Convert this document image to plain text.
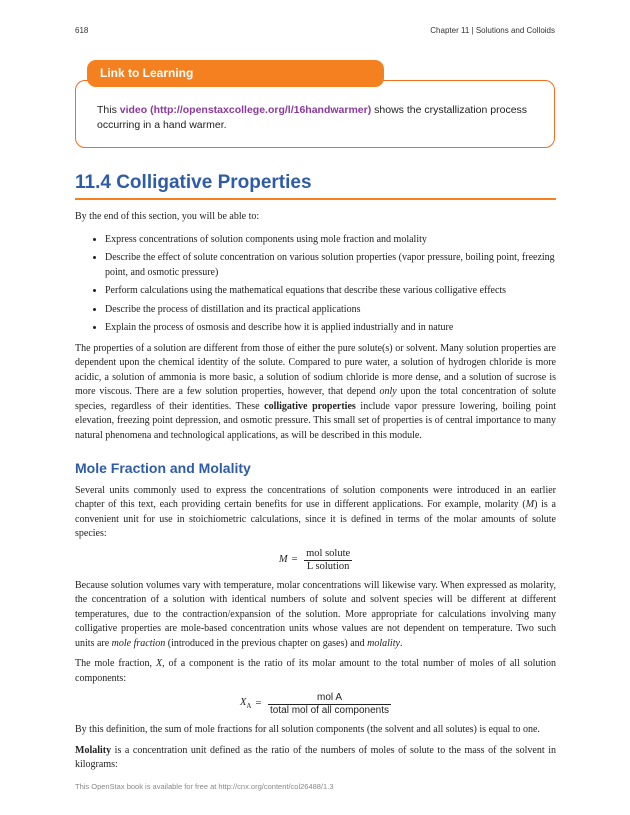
618	Chapter 11 | Solutions and Colloids
Link to Learning
This video (http://openstaxcollege.org/l/16handwarmer) shows the crystallization process occurring in a hand warmer.
11.4 Colligative Properties

By the end of this section, you will be able to:

• Express concentrations of solution components using mole fraction and molality
• Describe the effect of solute concentration on various solution properties (vapor pressure, boiling point, freezing point, and osmotic pressure)
• Perform calculations using the mathematical equations that describe these various colligative effects
• Describe the process of distillation and its practical applications
• Explain the process of osmosis and describe how it is applied industrially and in nature

The properties of a solution are different from those of either the pure solute(s) or solvent. Many solution properties are dependent upon the chemical identity of the solute. Compared to pure water, a solution of hydrogen chloride is more acidic, a solution of ammonia is more basic, a solution of sodium chloride is more dense, and a solution of sucrose is more viscous. There are a few solution properties, however, that depend only upon the total concentration of solute species, regardless of their identities. These colligative properties include vapor pressure lowering, boiling point elevation, freezing point depression, and osmotic pressure. This small set of properties is of central importance to many natural phenomena and technological applications, as will be described in this module.

Mole Fraction and Molality

Several units commonly used to express the concentrations of solution components were introduced in an earlier chapter of this text, each providing certain benefits for use in different applications. For example, molarity (M) is a convenient unit for use in stoichiometric calculations, since it is defined in terms of the molar amounts of solute species:

$M = \frac{\text{mol solute}}{\text{L solution}}$

Because solution volumes vary with temperature, molar concentrations will likewise vary. When expressed as molarity, the concentration of a solution with identical numbers of solute and solvent species will be different at different temperatures, due to the contraction/expansion of the solution. More appropriate for calculations involving many colligative properties are mole-based concentration units whose values are not dependent on temperature. Two such units are mole fraction (introduced in the previous chapter on gases) and molality.

The mole fraction, X, of a component is the ratio of its molar amount to the total number of moles of all solution components:

$X_A = \frac{\text{mol A}}{\text{total mol of all components}}$

By this definition, the sum of mole fractions for all solution components (the solvent and all solutes) is equal to one.

Molality is a concentration unit defined as the ratio of the numbers of moles of solute to the mass of the solvent in kilograms:

This OpenStax book is available for free at http://cnx.org/content/col26488/1.3
